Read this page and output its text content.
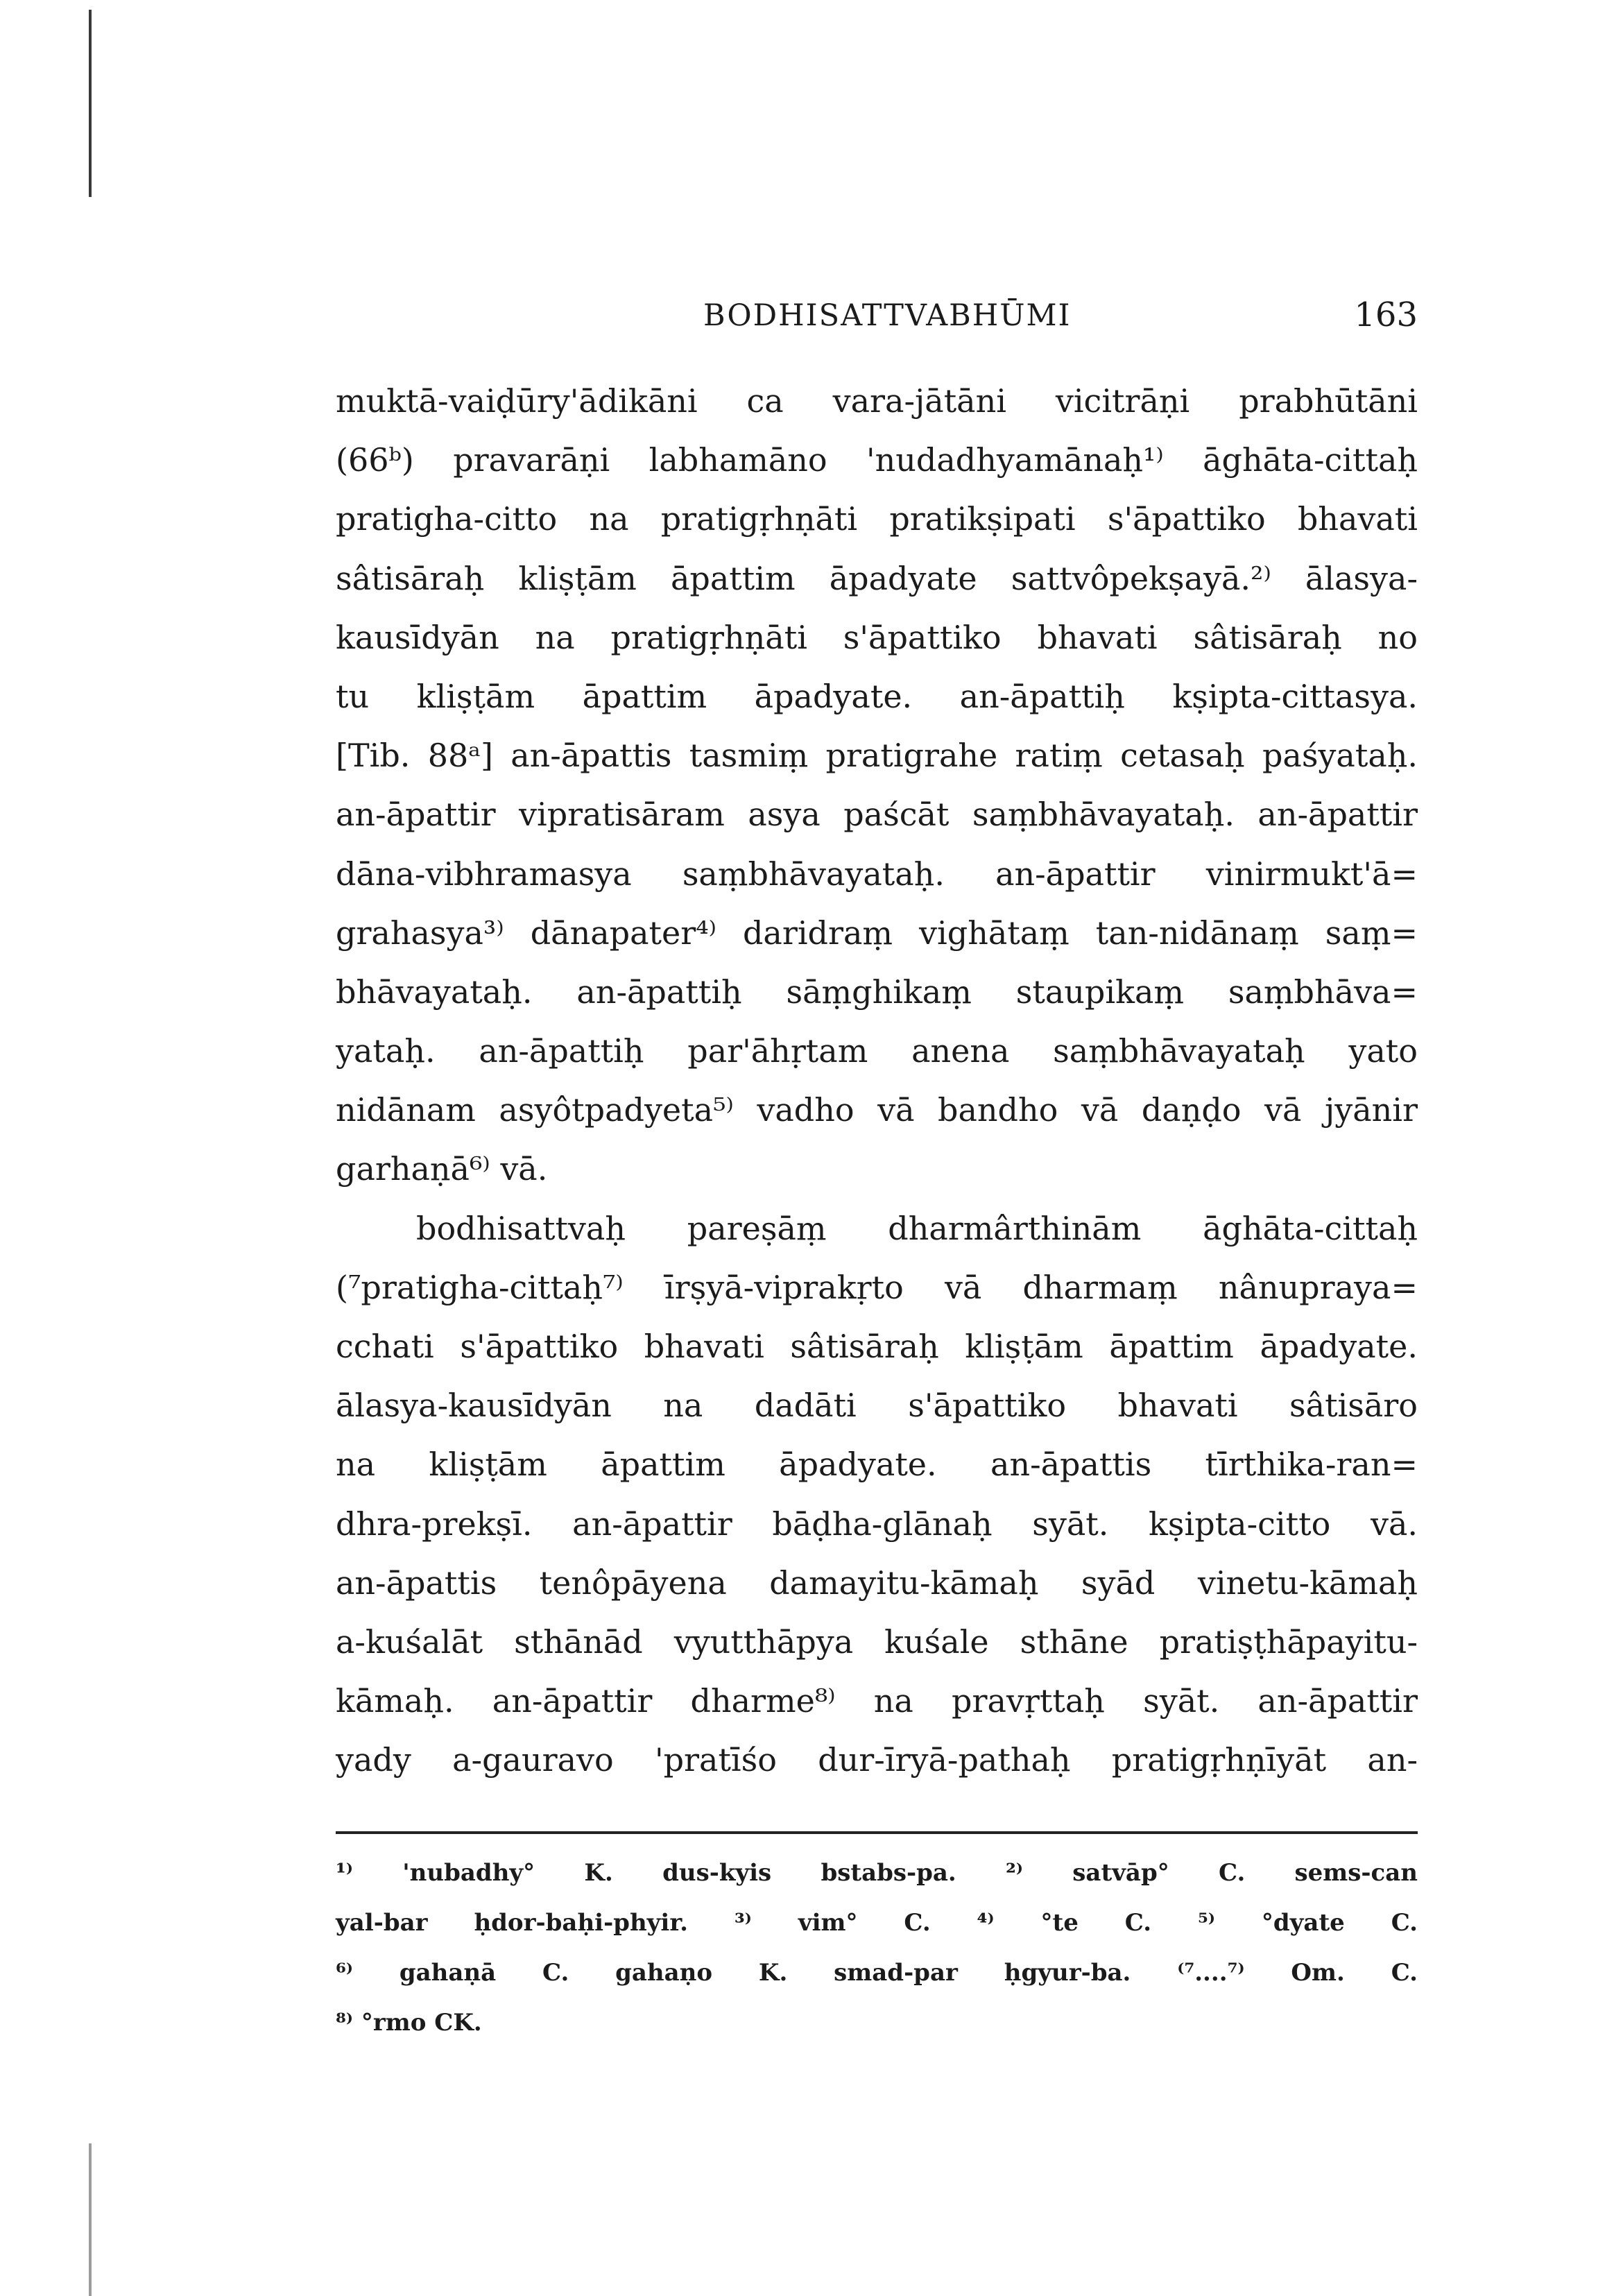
BODHISATTVABHŪMI	163
muktā-vaiḍūry'ādikāni ca vara-jātāni vicitrāṇi prabhūtāni
(66ᵇ) pravarāṇi labhamāno 'nudadhyamānaḥ¹⁾ āghāta-cittaḥ
pratigha-citto na pratigṛhṇāti pratikṣipati s'āpattiko bhavati
sâtisāraḥ kliṣṭām āpattim āpadyate sattvôpekṣayā.²⁾ ālasya-
kausīdyān na pratigṛhṇāti s'āpattiko bhavati sâtisāraḥ no
tu kliṣṭām āpattim āpadyate. an-āpattiḥ kṣipta-cittasya.
[Tib. 88ᵃ] an-āpattis tasmiṃ pratigrahe ratiṃ cetasaḥ paśyataḥ.
an-āpattir vipratisāram asya paścāt saṃbhāvayataḥ. an-āpattir
dāna-vibhramasya saṃbhāvayataḥ. an-āpattir vinirmukt'ā=
grahasya³⁾ dānapater⁴⁾ daridraṃ vighātaṃ tan-nidānaṃ saṃ=
bhāvayataḥ. an-āpattiḥ sāṃghikaṃ staupikaṃ saṃbhāva=
yataḥ. an-āpattiḥ par'āhṛtam anena saṃbhāvayataḥ yato
nidānam asyôtpadyeta⁵⁾ vadho vā bandho vā daṇḍo vā jyānir
garhaṇā⁶⁾ vā.
bodhisattvaḥ pareṣāṃ dharmârthinām āghāta-cittaḥ
(⁷pratigha-cittaḥ⁷⁾ īrṣyā-viprakṛto vā dharmaṃ nânupraya=
cchati s'āpattiko bhavati sâtisāraḥ kliṣṭām āpattim āpadyate.
ālasya-kausīdyān na dadāti s'āpattiko bhavati sâtisāro
na kliṣṭām āpattim āpadyate. an-āpattis tīrthika-ran=
dhra-prekṣī. an-āpattir bāḍha-glānaḥ syāt. kṣipta-citto vā.
an-āpattis tenôpāyena damayitu-kāmaḥ syād vinetu-kāmaḥ
a-kuśalāt sthānād vyutthāpya kuśale sthāne pratiṣṭhāpayitu-
kāmaḥ. an-āpattir dharme⁸⁾ na pravṛttaḥ syāt. an-āpattir
yady a-gauravo 'pratīśo dur-īryā-pathaḥ pratigṛhṇīyāt an-
¹⁾ 'nubadhy° K. dus-kyis bstabs-pa. ²⁾ satvāp° C. sems-can
yal-bar ḥdor-baḥi-phyir. ³⁾ vim° C. ⁴⁾ °te C. ⁵⁾ °dyate C.
⁶⁾ gahaṇā C. gahaṇo K. smad-par ḥgyur-ba. ⁽⁷....⁷⁾ Om. C.
⁸⁾ °rmo CK.
